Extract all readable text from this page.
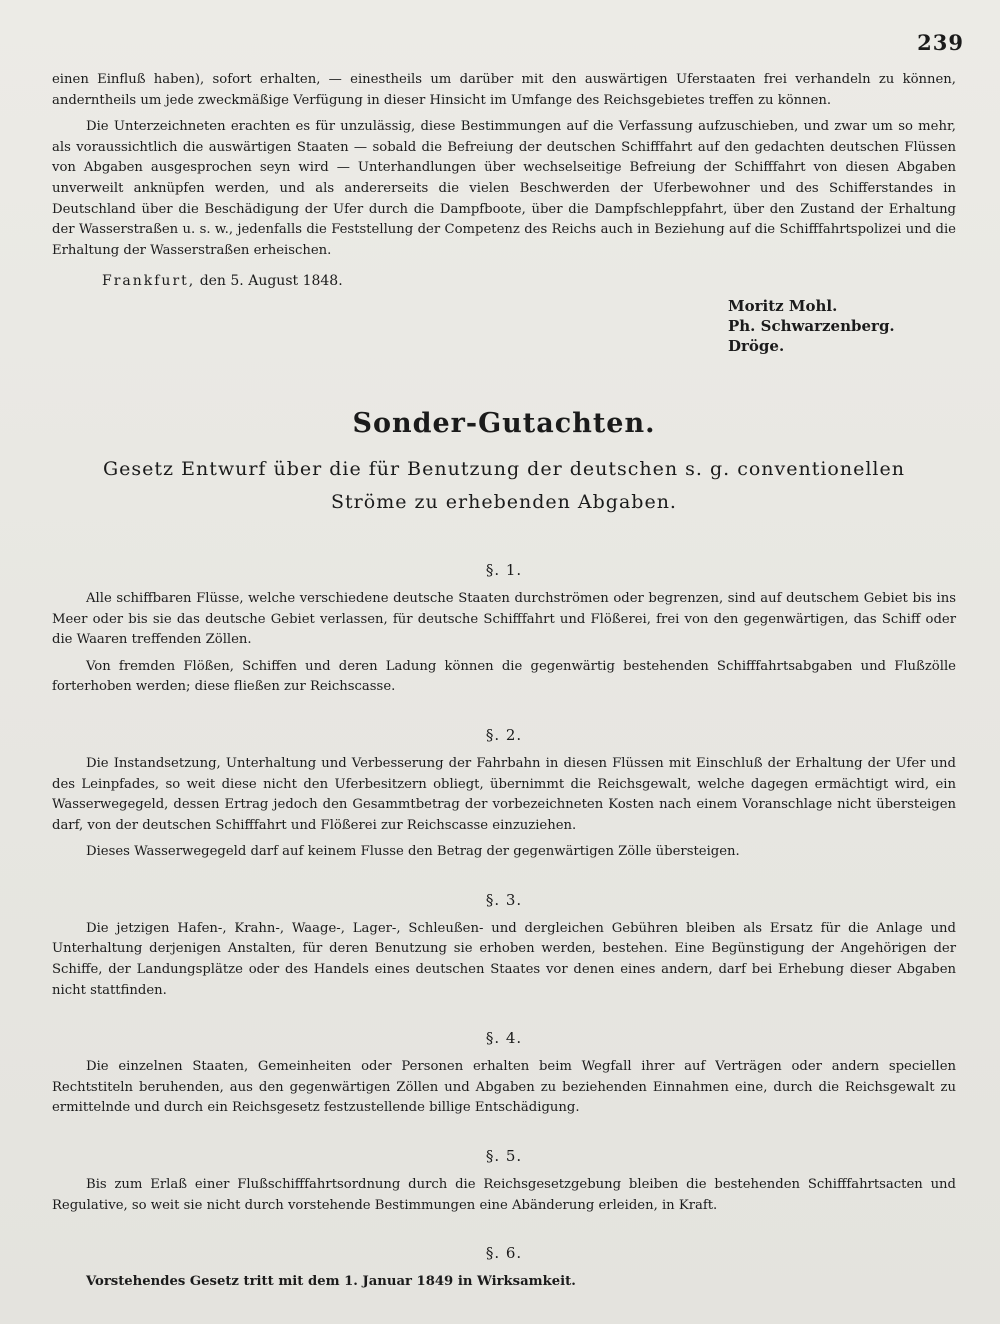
239

einen Einfluß haben), sofort erhalten, — einestheils um darüber mit den auswärtigen Uferstaaten frei verhandeln zu können, anderntheils um jede zweckmäßige Verfügung in dieser Hinsicht im Umfange des Reichsgebietes treffen zu können.

Die Unterzeichneten erachten es für unzulässig, diese Bestimmungen auf die Verfassung aufzuschieben, und zwar um so mehr, als voraussichtlich die auswärtigen Staaten — sobald die Befreiung der deutschen Schifffahrt auf den gedachten deutschen Flüssen von Abgaben ausgesprochen seyn wird — Unterhandlungen über wechselseitige Befreiung der Schifffahrt von diesen Abgaben unverweilt anknüpfen werden, und als andererseits die vielen Beschwerden der Uferbewohner und des Schifferstandes in Deutschland über die Beschädigung der Ufer durch die Dampfboote, über die Dampfschleppfahrt, über den Zustand der Erhaltung der Wasserstraßen u. s. w., jedenfalls die Feststellung der Competenz des Reichs auch in Beziehung auf die Schifffahrtspolizei und die Erhaltung der Wasserstraßen erheischen.

Frankfurt, den 5. August 1848.

Moritz Mohl.
Ph. Schwarzenberg.
Dröge.
Sonder-Gutachten.
Gesetz Entwurf über die für Benutzung der deutschen s. g. conventionellen Ströme zu erhebenden Abgaben.
§. 1.

Alle schiffbaren Flüsse, welche verschiedene deutsche Staaten durchströmen oder begrenzen, sind auf deutschem Gebiet bis ins Meer oder bis sie das deutsche Gebiet verlassen, für deutsche Schifffahrt und Flößerei, frei von den gegenwärtigen, das Schiff oder die Waaren treffenden Zöllen.

Von fremden Flößen, Schiffen und deren Ladung können die gegenwärtig bestehenden Schifffahrtsabgaben und Flußzölle forterhoben werden; diese fließen zur Reichscasse.

§. 2.

Die Instandsetzung, Unterhaltung und Verbesserung der Fahrbahn in diesen Flüssen mit Einschluß der Erhaltung der Ufer und des Leinpfades, so weit diese nicht den Uferbesitzern obliegt, übernimmt die Reichsgewalt, welche dagegen ermächtigt wird, ein Wasserwegegeld, dessen Ertrag jedoch den Gesammtbetrag der vorbezeichneten Kosten nach einem Voranschlage nicht übersteigen darf, von der deutschen Schifffahrt und Flößerei zur Reichscasse einzuziehen.

Dieses Wasserwegegeld darf auf keinem Flusse den Betrag der gegenwärtigen Zölle übersteigen.

§. 3.

Die jetzigen Hafen-, Krahn-, Waage-, Lager-, Schleußen- und dergleichen Gebühren bleiben als Ersatz für die Anlage und Unterhaltung derjenigen Anstalten, für deren Benutzung sie erhoben werden, bestehen. Eine Begünstigung der Angehörigen der Schiffe, der Landungsplätze oder des Handels eines deutschen Staates vor denen eines andern, darf bei Erhebung dieser Abgaben nicht stattfinden.

§. 4.

Die einzelnen Staaten, Gemeinheiten oder Personen erhalten beim Wegfall ihrer auf Verträgen oder andern speciellen Rechtstiteln beruhenden, aus den gegenwärtigen Zöllen und Abgaben zu beziehenden Einnahmen eine, durch die Reichsgewalt zu ermittelnde und durch ein Reichsgesetz festzustellende billige Entschädigung.

§. 5.

Bis zum Erlaß einer Flußschifffahrtsordnung durch die Reichsgesetzgebung bleiben die bestehenden Schifffahrtsacten und Regulative, so weit sie nicht durch vorstehende Bestimmungen eine Abänderung erleiden, in Kraft.

§. 6.

Vorstehendes Gesetz tritt mit dem 1. Januar 1849 in Wirksamkeit.
